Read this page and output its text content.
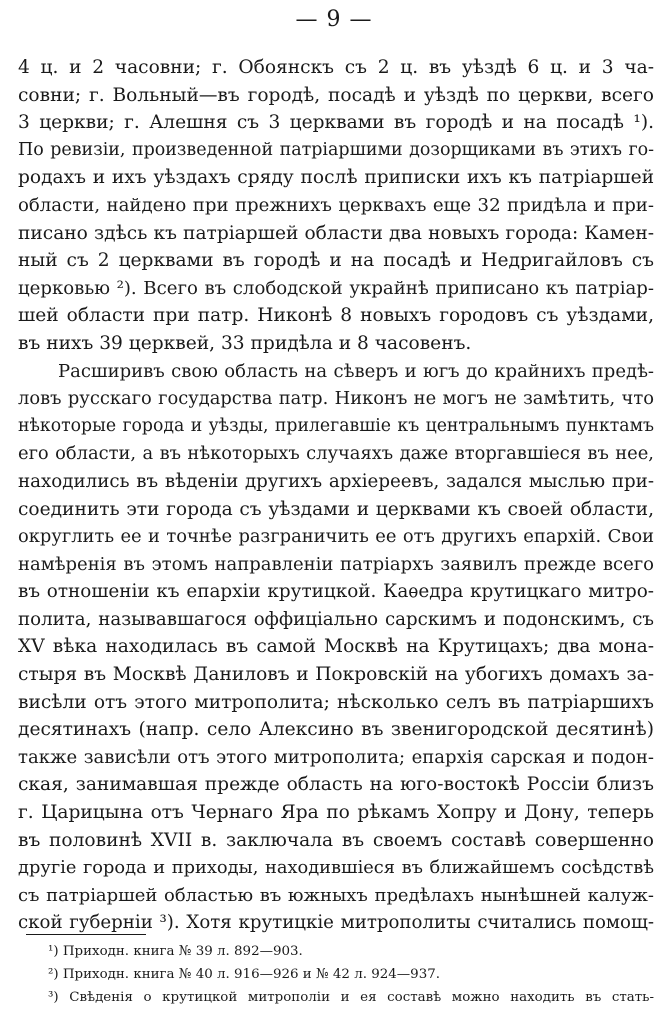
— 9 —
4 ц. и 2 часовни; г. Обоянскъ съ 2 ц. въ уѣздѣ 6 ц. и 3 ча-
совни; г. Вольный—въ городѣ, посадѣ и уѣздѣ по церкви, всего
3 церкви; г. Алешня съ 3 церквами въ городѣ и на посадѣ ¹).
По ревизіи, произведенной патріаршими дозорщиками въ этихъ го-
родахъ и ихъ уѣздахъ сряду послѣ приписки ихъ къ патріаршей
области, найдено при прежнихъ церквахъ еще 32 придѣла и при-
писано здѣсь къ патріаршей области два новыхъ города: Камен-
ный съ 2 церквами въ городѣ и на посадѣ и Недригайловъ съ
церковью ²). Всего въ слободской украйнѣ приписано къ патріар-
шей области при патр. Никонѣ 8 новыхъ городовъ съ уѣздами,
въ нихъ 39 церквей, 33 придѣла и 8 часовенъ.
Расширивъ свою область на сѣверъ и югъ до крайнихъ предѣ-
ловъ русскаго государства патр. Никонъ не могъ не замѣтить, что
нѣкоторые города и уѣзды, прилегавшіе къ центральнымъ пунктамъ
его области, а въ нѣкоторыхъ случаяхъ даже вторгавшіеся въ нее,
находились въ вѣденіи другихъ архіереевъ, задался мыслью при-
соединить эти города съ уѣздами и церквами къ своей области,
округлить ее и точнѣе разграничить ее отъ другихъ епархій. Свои
намѣренія въ этомъ направленіи патріархъ заявилъ прежде всего
въ отношеніи къ епархіи крутицкой. Каѳедра крутицкаго митро-
полита, называвшагося оффиціально сарскимъ и подонскимъ, съ
XV вѣка находилась въ самой Москвѣ на Крутицахъ; два мона-
стыря въ Москвѣ Даниловъ и Покровскій на убогихъ домахъ за-
висѣли отъ этого митрополита; нѣсколько селъ въ патріаршихъ
десятинахъ (напр. село Алексино въ звенигородской десятинѣ)
также зависѣли отъ этого митрополита; епархія сарская и подон-
ская, занимавшая прежде область на юго-востокѣ Россіи близъ
г. Царицына отъ Чернаго Яра по рѣкамъ Хопру и Дону, теперь
въ половинѣ XVII в. заключала въ своемъ составѣ совершенно
другіе города и приходы, находившіеся въ ближайшемъ сосѣдствѣ
съ патріаршей областью въ южныхъ предѣлахъ нынѣшней калуж-
ской губерніи ³). Хотя крутицкіе митрополиты считались помощ-
¹) Приходн. книга № 39 л. 892—903.
²) Приходн. книга № 40 л. 916—926 и № 42 л. 924—937.
³) Свѣденія о крутицкой митрополіи и ея составѣ можно находить въ стать-
